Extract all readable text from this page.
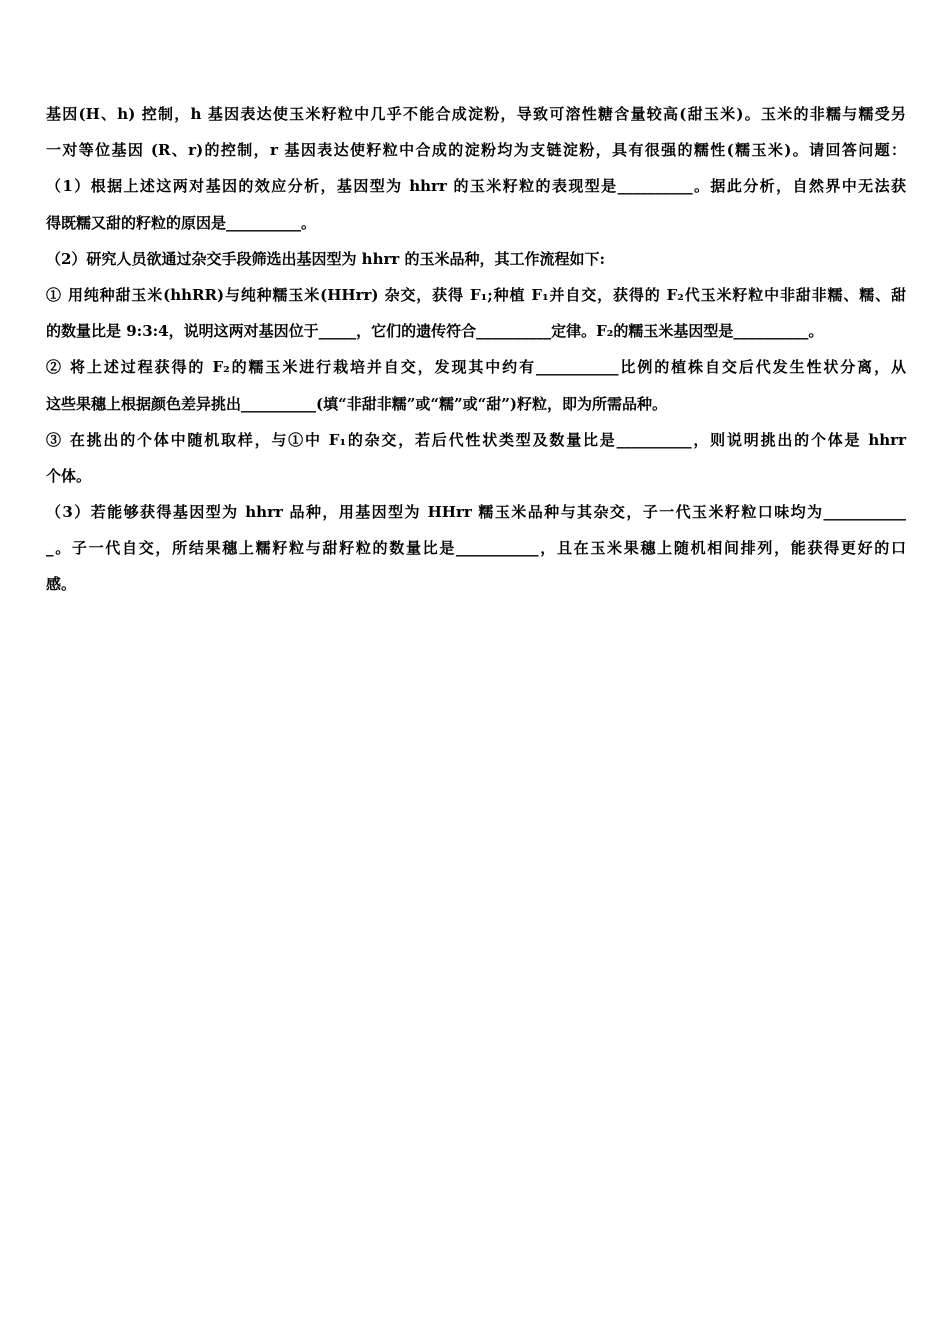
基因(H、h) 控制，h 基因表达使玉米籽粒中几乎不能合成淀粉，导致可溶性糖含量较高(甜玉米)。玉米的非糯与糯受另
一对等位基因 (R、r)的控制，r 基因表达使籽粒中合成的淀粉均为支链淀粉，具有很强的糯性(糯玉米)。请回答问题：
（1）根据上述这两对基因的效应分析，基因型为 hhrr 的玉米籽粒的表现型是__________。据此分析，自然界中无法获
得既糯又甜的籽粒的原因是__________。
（2）研究人员欲通过杂交手段筛选出基因型为 hhrr 的玉米品种，其工作流程如下:
① 用纯种甜玉米(hhRR)与纯种糯玉米(HHrr) 杂交，获得 F₁;种植 F₁并自交，获得的 F₂代玉米籽粒中非甜非糯、糯、甜
的数量比是 9:3:4，说明这两对基因位于_____，它们的遗传符合__________定律。F₂的糯玉米基因型是__________。
② 将上述过程获得的 F₂的糯玉米进行栽培并自交，发现其中约有___________比例的植株自交后代发生性状分离，从
这些果穗上根据颜色差异挑出__________(填“非甜非糯”或“糯”或“甜”)籽粒，即为所需品种。
③ 在挑出的个体中随机取样，与①中 F₁的杂交，若后代性状类型及数量比是__________，则说明挑出的个体是 hhrr
个体。
（3）若能够获得基因型为 hhrr 品种，用基因型为 HHrr 糯玉米品种与其杂交，子一代玉米籽粒口味均为___________
_。子一代自交，所结果穗上糯籽粒与甜籽粒的数量比是___________，且在玉米果穗上随机相间排列，能获得更好的口
感。
